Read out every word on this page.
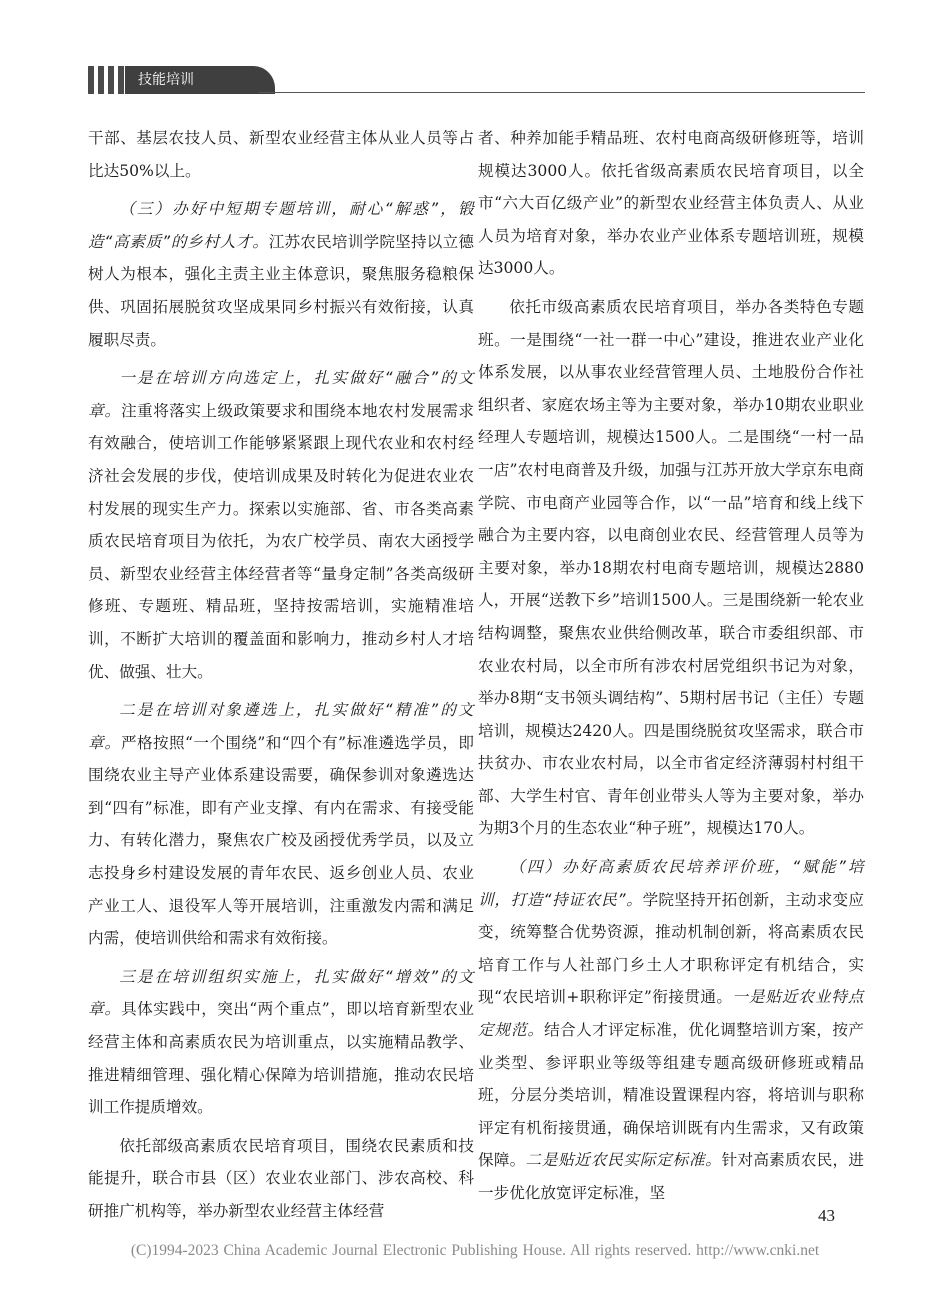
技能培训

干部、基层农技人员、新型农业经营主体从业人员等占比达50%以上。

（三）办好中短期专题培训，耐心“解惑”，锻造“高素质”的乡村人才。江苏农民培训学院坚持以立德树人为根本，强化主责主业主体意识，聚焦服务稳粮保供、巩固拓展脱贫攻坚成果同乡村振兴有效衔接，认真履职尽责。

一是在培训方向选定上，扎实做好“融合”的文章。注重将落实上级政策要求和围绕本地农村发展需求有效融合，使培训工作能够紧紧跟上现代农业和农村经济社会发展的步伐，使培训成果及时转化为促进农业农村发展的现实生产力。探索以实施部、省、市各类高素质农民培育项目为依托，为农广校学员、南农大函授学员、新型农业经营主体经营者等“量身定制”各类高级研修班、专题班、精品班，坚持按需培训，实施精准培训，不断扩大培训的覆盖面和影响力，推动乡村人才培优、做强、壮大。

二是在培训对象遴选上，扎实做好“精准”的文章。严格按照“一个围绕”和“四个有”标准遴选学员，即围绕农业主导产业体系建设需要，确保参训对象遴选达到“四有”标准，即有产业支撑、有内在需求、有接受能力、有转化潜力，聚焦农广校及函授优秀学员，以及立志投身乡村建设发展的青年农民、返乡创业人员、农业产业工人、退役军人等开展培训，注重激发内需和满足内需，使培训供给和需求有效衔接。

三是在培训组织实施上，扎实做好“增效”的文章。具体实践中，突出“两个重点”，即以培育新型农业经营主体和高素质农民为培训重点，以实施精品教学、推进精细管理、强化精心保障为培训措施，推动农民培训工作提质增效。

依托部级高素质农民培育项目，围绕农民素质和技能提升，联合市县（区）农业农业部门、涉农高校、科研推广机构等，举办新型农业经营主体经营

者、种养加能手精品班、农村电商高级研修班等，培训规模达3000人。依托省级高素质农民培育项目，以全市“六大百亿级产业”的新型农业经营主体负责人、从业人员为培育对象，举办农业产业体系专题培训班，规模达3000人。

依托市级高素质农民培育项目，举办各类特色专题班。一是围绕“一社一群一中心”建设，推进农业产业化体系发展，以从事农业经营管理人员、土地股份合作社组织者、家庭农场主等为主要对象，举办10期农业职业经理人专题培训，规模达1500人。二是围绕“一村一品一店”农村电商普及升级，加强与江苏开放大学京东电商学院、市电商产业园等合作，以“一品”培育和线上线下融合为主要内容，以电商创业农民、经营管理人员等为主要对象，举办18期农村电商专题培训，规模达2880人，开展“送教下乡”培训1500人。三是围绕新一轮农业结构调整，聚焦农业供给侧改革，联合市委组织部、市农业农村局，以全市所有涉农村居党组织书记为对象，举办8期“支书领头调结构”、5期村居书记（主任）专题培训，规模达2420人。四是围绕脱贫攻坚需求，联合市扶贫办、市农业农村局，以全市省定经济薄弱村村组干部、大学生村官、青年创业带头人等为主要对象，举办为期3个月的生态农业“种子班”，规模达170人。

（四）办好高素质农民培养评价班，“赋能”培训，打造“持证农民”。学院坚持开拓创新，主动求变应变，统筹整合优势资源，推动机制创新，将高素质农民培育工作与人社部门乡土人才职称评定有机结合，实现“农民培训+职称评定”衔接贯通。一是贴近农业特点定规范。结合人才评定标准，优化调整培训方案，按产业类型、参评职业等级等组建专题高级研修班或精品班，分层分类培训，精准设置课程内容，将培训与职称评定有机衔接贯通，确保培训既有内生需求，又有政策保障。二是贴近农民实际定标准。针对高素质农民，进一步优化放宽评定标准，坚

43
(C)1994-2023 China Academic Journal Electronic Publishing House. All rights reserved. http://www.cnki.net
